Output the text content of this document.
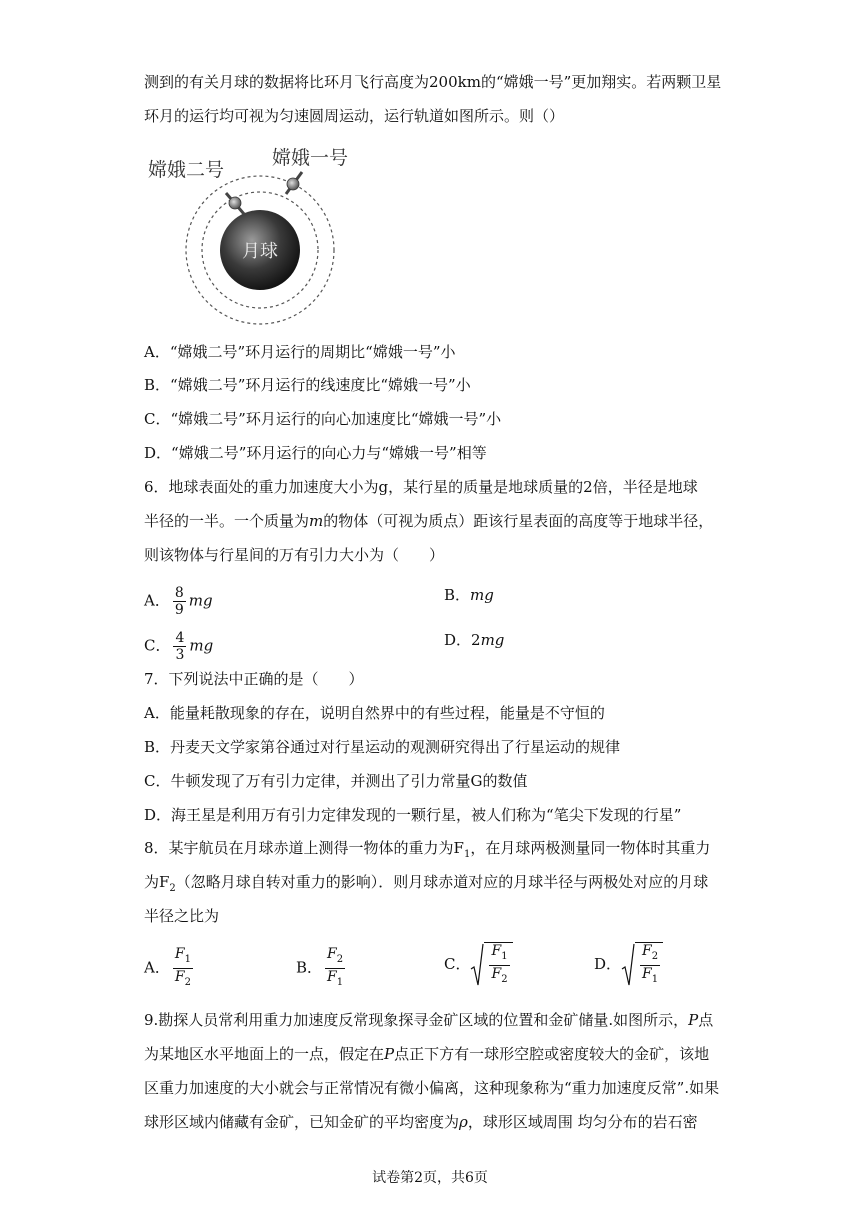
测到的有关月球的数据将比环月飞行高度为200km的“嫦娥一号”更加翔实。若两颗卫星
环月的运行均可视为匀速圆周运动，运行轨道如图所示。则（）
嫦娥二号
嫦娥一号
月球
A．“嫦娥二号”环月运行的周期比“嫦娥一号”小
B．“嫦娥二号”环月运行的线速度比“嫦娥一号”小
C．“嫦娥二号”环月运行的向心加速度比“嫦娥一号”小
D．“嫦娥二号”环月运行的向心力与“嫦娥一号”相等
6．地球表面处的重力加速度大小为g，某行星的质量是地球质量的2倍，半径是地球
半径的一半。一个质量为m的物体（可视为质点）距该行星表面的高度等于地球半径，
则该物体与行星间的万有引力大小为（　　）
A． $\frac{8}{9}$ mg	B．mg
C． $\frac{4}{3}$ mg	D．2mg
7．下列说法中正确的是（　　）
A．能量耗散现象的存在，说明自然界中的有些过程，能量是不守恒的
B．丹麦天文学家第谷通过对行星运动的观测研究得出了行星运动的规律
C．牛顿发现了万有引力定律，并测出了引力常量G的数值
D．海王星是利用万有引力定律发现的一颗行星，被人们称为“笔尖下发现的行星”
8．某宇航员在月球赤道上测得一物体的重力为$F_1$，在月球两极测量同一物体时其重力
为$F_2$（忽略月球自转对重力的影响）．则月球赤道对应的月球半径与两极处对应的月球
半径之比为
A． $\frac{F_1}{F_2}$	B． $\frac{F_2}{F_1}$	C． $\frac{F_1}{F_2}$	D． $\frac{F_2}{F_1}$
9.勘探人员常利用重力加速度反常现象探寻金矿区域的位置和金矿储量.如图所示，P点
为某地区水平地面上的一点，假定在P点正下方有一球形空腔或密度较大的金矿，该地
区重力加速度的大小就会与正常情况有微小偏离，这种现象称为“重力加速度反常”.如果
球形区域内储藏有金矿，已知金矿的平均密度为ρ，球形区域周围 均匀分布的岩石密
试卷第2页，共6页
